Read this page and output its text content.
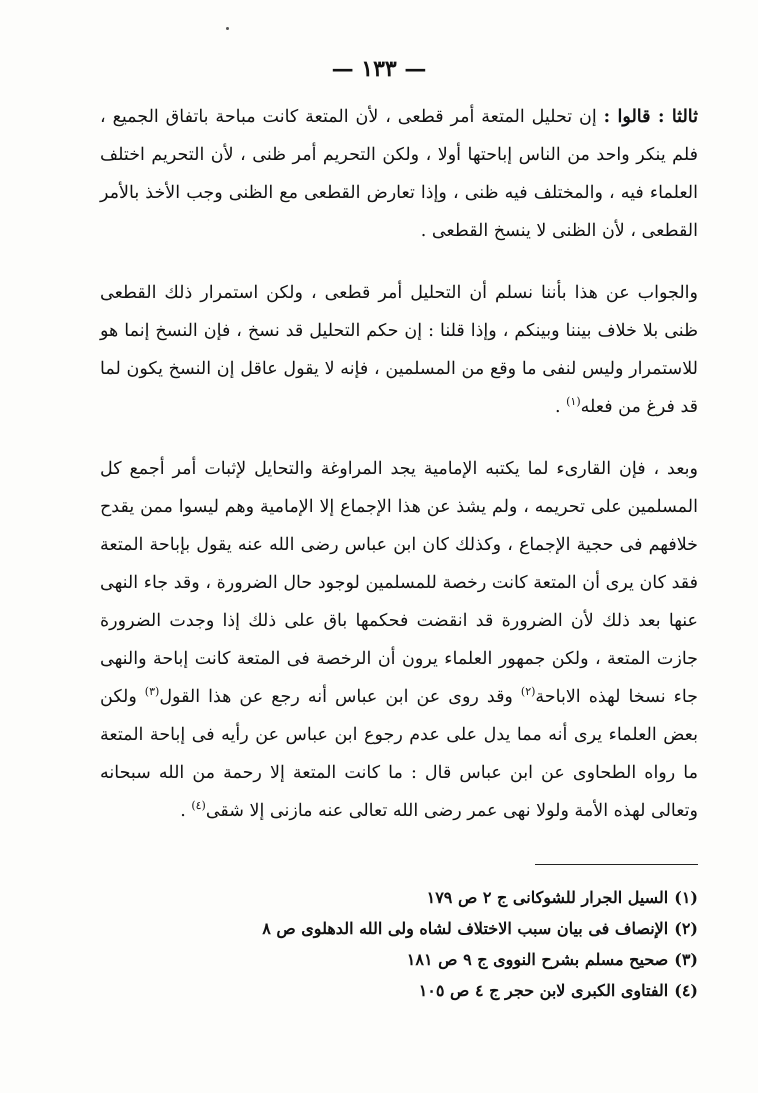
— ١٣٣ —

ثالثا : قالوا : إن تحليل المتعة أمر قطعى ، لأن المتعة كانت مباحة باتفاق الجميع ، فلم ينكر واحد من الناس إباحتها أولا ، ولكن التحريم أمر ظنى ، لأن التحريم اختلف العلماء فيه ، والمختلف فيه ظنى ، وإذا تعارض القطعى مع الظنى وجب الأخذ بالأمر القطعى ، لأن الظنى لا ينسخ القطعى .

والجواب عن هذا بأننا نسلم أن التحليل أمر قطعى ، ولكن استمرار ذلك القطعى ظنى بلا خلاف بيننا وبينكم ، وإذا قلنا : إن حكم التحليل قد نسخ ، فإن النسخ إنما هو للاستمرار وليس لنفى ما وقع من المسلمين ، فإنه لا يقول عاقل إن النسخ يكون لما قد فرغ من فعله$^{(١)}$ .

وبعد ، فإن القارىء لما يكتبه الإمامية يجد المراوغة والتحايل لإثبات أمر أجمع كل المسلمين على تحريمه ، ولم يشذ عن هذا الإجماع إلا الإمامية وهم ليسوا ممن يقدح خلافهم فى حجية الإجماع ، وكذلك كان ابن عباس رضى الله عنه يقول بإباحة المتعة فقد كان يرى أن المتعة كانت رخصة للمسلمين لوجود حال الضرورة ، وقد جاء النهى عنها بعد ذلك لأن الضرورة قد انقضت فحكمها باق على ذلك إذا وجدت الضرورة جازت المتعة ، ولكن جمهور العلماء يرون أن الرخصة فى المتعة كانت إباحة والنهى جاء نسخا لهذه الاباحة$^{(٢)}$ وقد روى عن ابن عباس أنه رجع عن هذا القول$^{(٣)}$ ولكن بعض العلماء يرى أنه مما يدل على عدم رجوع ابن عباس عن رأيه فى إباحة المتعة ما رواه الطحاوى عن ابن عباس قال : ما كانت المتعة إلا رحمة من الله سبحانه وتعالى لهذه الأمة ولولا نهى عمر رضى الله تعالى عنه مازنى إلا شقى$^{(٤)}$ .

(١)السيل الجرار للشوكانى ج ٢ ص ١٧٩
(٢)الإنصاف فى بيان سبب الاختلاف لشاه ولى الله الدهلوى ص ٨
(٣)صحيح مسلم بشرح النووى ج ٩ ص ١٨١
(٤)الفتاوى الكبرى لابن حجر ج ٤ ص ١٠٥
